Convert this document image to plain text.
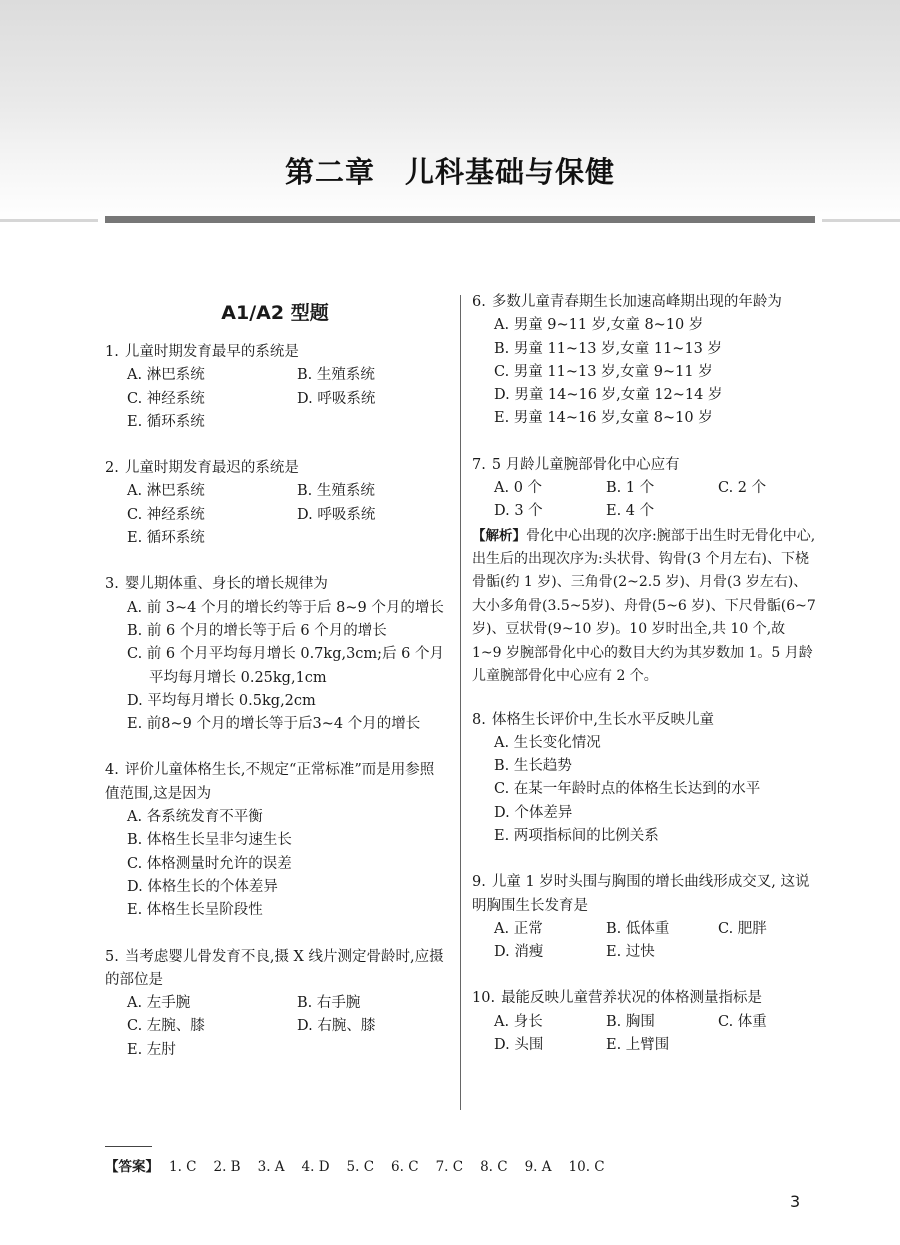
第二章　儿科基础与保健
A1/A2 型题
1. 儿童时期发育最早的系统是
A. 淋巴系统	B. 生殖系统
C. 神经系统	D. 呼吸系统
E. 循环系统
2. 儿童时期发育最迟的系统是
A. 淋巴系统	B. 生殖系统
C. 神经系统	D. 呼吸系统
E. 循环系统
3. 婴儿期体重、身长的增长规律为
A. 前 3~4 个月的增长约等于后 8~9 个月的增长
B. 前 6 个月的增长等于后 6 个月的增长
C. 前 6 个月平均每月增长 0.7kg,3cm;后 6 个月平均每月增长 0.25kg,1cm
D. 平均每月增长 0.5kg,2cm
E. 前8~9 个月的增长等于后3~4 个月的增长
4. 评价儿童体格生长,不规定“正常标准”而是用参照值范围,这是因为
A. 各系统发育不平衡
B. 体格生长呈非匀速生长
C. 体格测量时允许的误差
D. 体格生长的个体差异
E. 体格生长呈阶段性
5. 当考虑婴儿骨发育不良,摄 X 线片测定骨龄时,应摄的部位是
A. 左手腕	B. 右手腕
C. 左腕、膝	D. 右腕、膝
E. 左肘
6. 多数儿童青春期生长加速高峰期出现的年龄为
A. 男童 9~11 岁,女童 8~10 岁
B. 男童 11~13 岁,女童 11~13 岁
C. 男童 11~13 岁,女童 9~11 岁
D. 男童 14~16 岁,女童 12~14 岁
E. 男童 14~16 岁,女童 8~10 岁
7. 5 月龄儿童腕部骨化中心应有
A. 0 个	B. 1 个	C. 2 个
D. 3 个	E. 4 个
【解析】骨化中心出现的次序:腕部于出生时无骨化中心,出生后的出现次序为:头状骨、钩骨(3 个月左右)、下桡骨骺(约 1 岁)、三角骨(2~2.5 岁)、月骨(3 岁左右)、大小多角骨(3.5~5岁)、舟骨(5~6 岁)、下尺骨骺(6~7 岁)、豆状骨(9~10 岁)。10 岁时出全,共 10 个,故 1~9 岁腕部骨化中心的数目大约为其岁数加 1。5 月龄儿童腕部骨化中心应有 2 个。
8. 体格生长评价中,生长水平反映儿童
A. 生长变化情况
B. 生长趋势
C. 在某一年龄时点的体格生长达到的水平
D. 个体差异
E. 两项指标间的比例关系
9. 儿童 1 岁时头围与胸围的增长曲线形成交叉, 这说明胸围生长发育是
A. 正常	B. 低体重	C. 肥胖
D. 消瘦	E. 过快
10. 最能反映儿童营养状况的体格测量指标是
A. 身长	B. 胸围	C. 体重
D. 头围	E. 上臂围
【答案】 1. C 2. B 3. A 4. D 5. C 6. C 7. C 8. C 9. A 10. C
3
